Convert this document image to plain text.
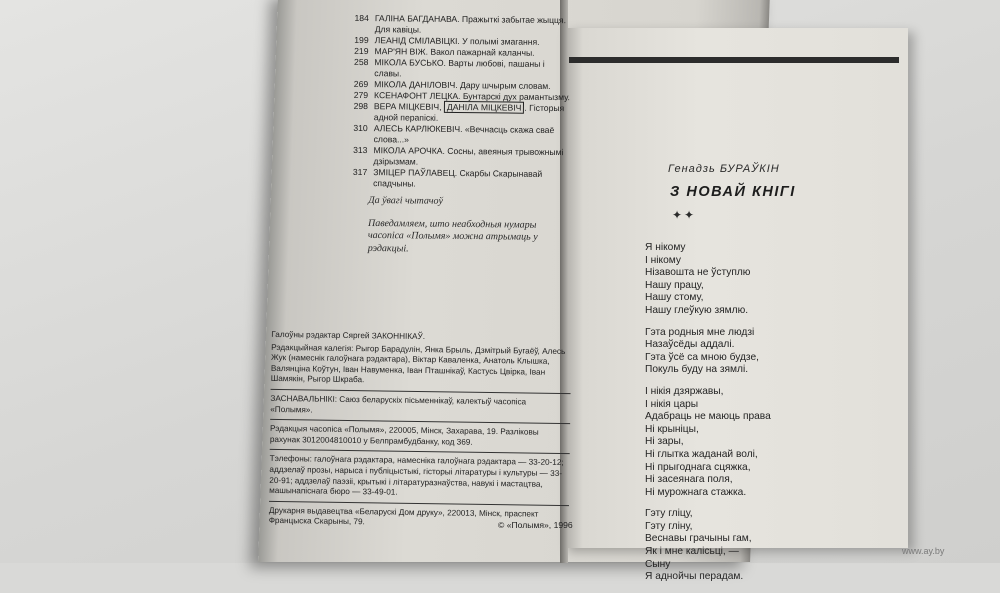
184 ГАЛІНА БАГДАНАВА. Пражыткі забытае жыцця. Для кавіцы.
199 ЛЕАНІД СМІЛАВІЦКІ. У полымі змагання.
219 МАР'ЯН ВІЖ. Вакол пажарнай каланчы.
258 МІКОЛА БУСЬКО. Варты любові, пашаны і славы.
269 МІКОЛА ДАНІЛОВІЧ. Дару шчырым словам.
279 КСЕНАФОНТ ЛЕЦКА. Бунтарскі дух рамантызму.
298 ВЕРА МІЦКЕВІЧ, ДАНІЛА МІЦКЕВІЧ . Гісторыя адной перапіскі.
310 АЛЕСЬ КАРЛЮКЕВІЧ. «Вечнасць скажа сваё слова...»
313 МІКОЛА АРОЧКА. Сосны, авеяныя трывожнымі дзірызмам.
317 ЗМІЦЕР ПАЎЛАВЕЦ. Скарбы Скарынавай спадчыны.
Да ўвагі чытачоў
Паведамляем, што неабходныя нумары часопіса «Полымя» можна атрымаць у рэдакцыі.

Галоўны рэдактар Сяргей ЗАКОННІКАЎ.

Рэдакцыйная калегія: Рыгор Барадулін, Янка Брыль, Дзмітрый Бугаёў, Алесь Жук (намеснік галоўнага рэдактара), Віктар Каваленка, Анатоль Клышка, Валянціна Коўтун, Іван Навуменка, Іван Пташнікаў, Кастусь Цвірка, Іван Шамякін, Рыгор Шкраба.

ЗАСНАВАЛЬНІКІ: Саюз беларускіх пісьменнікаў, калектыў часопіса «Полымя».

Рэдакцыя часопіса «Полымя», 220005, Мінск, Захарава, 19. Разліковы рахунак 3012004810010 у Белпрамбудбанку, код 369.

Тэлефоны: галоўнага рэдактара, намесніка галоўнага рэдактара — 33-20-12; аддзелаў прозы, нарыса і публіцыстыкі, гісторыі літаратуры і культуры — 33-20-91; аддзелаў паэзіі, крытыкі і літаратуразнаўства, навукі і мастацтва, машынапіснага бюро — 33-49-01.

Друкарня выдавецтва «Беларускі Дом друку», 220013, Мінск, праспект Францыска Скарыны, 79.	© «Полымя», 1996
Генадзь БУРАЎКІН
З НОВАЙ КНІГІ
✦✦
Я нікому
І нікому
Нізавошта не ўступлю
Нашу працу,
Нашу стому,
Нашу глеўкую зямлю.
Гэта родныя мне людзі
Назаўсёды аддалі.
Гэта ўсё са мною будзе,
Покуль буду на зямлі.
І нікія дзяржавы,
І нікія цары
Адабраць не маюць права
Ні крыніцы,
Ні зары,
Ні глытка жаданай волі,
Ні прыгоднага сцяжка,
Ні засеянага поля,
Ні мурожнага стажка.
Гэту гліцу,
Гэту гліну,
Веснавы грачыны гам,
Як і мне калісьці, —
Сыну
Я аднойчы перадам.
www.ay.by
